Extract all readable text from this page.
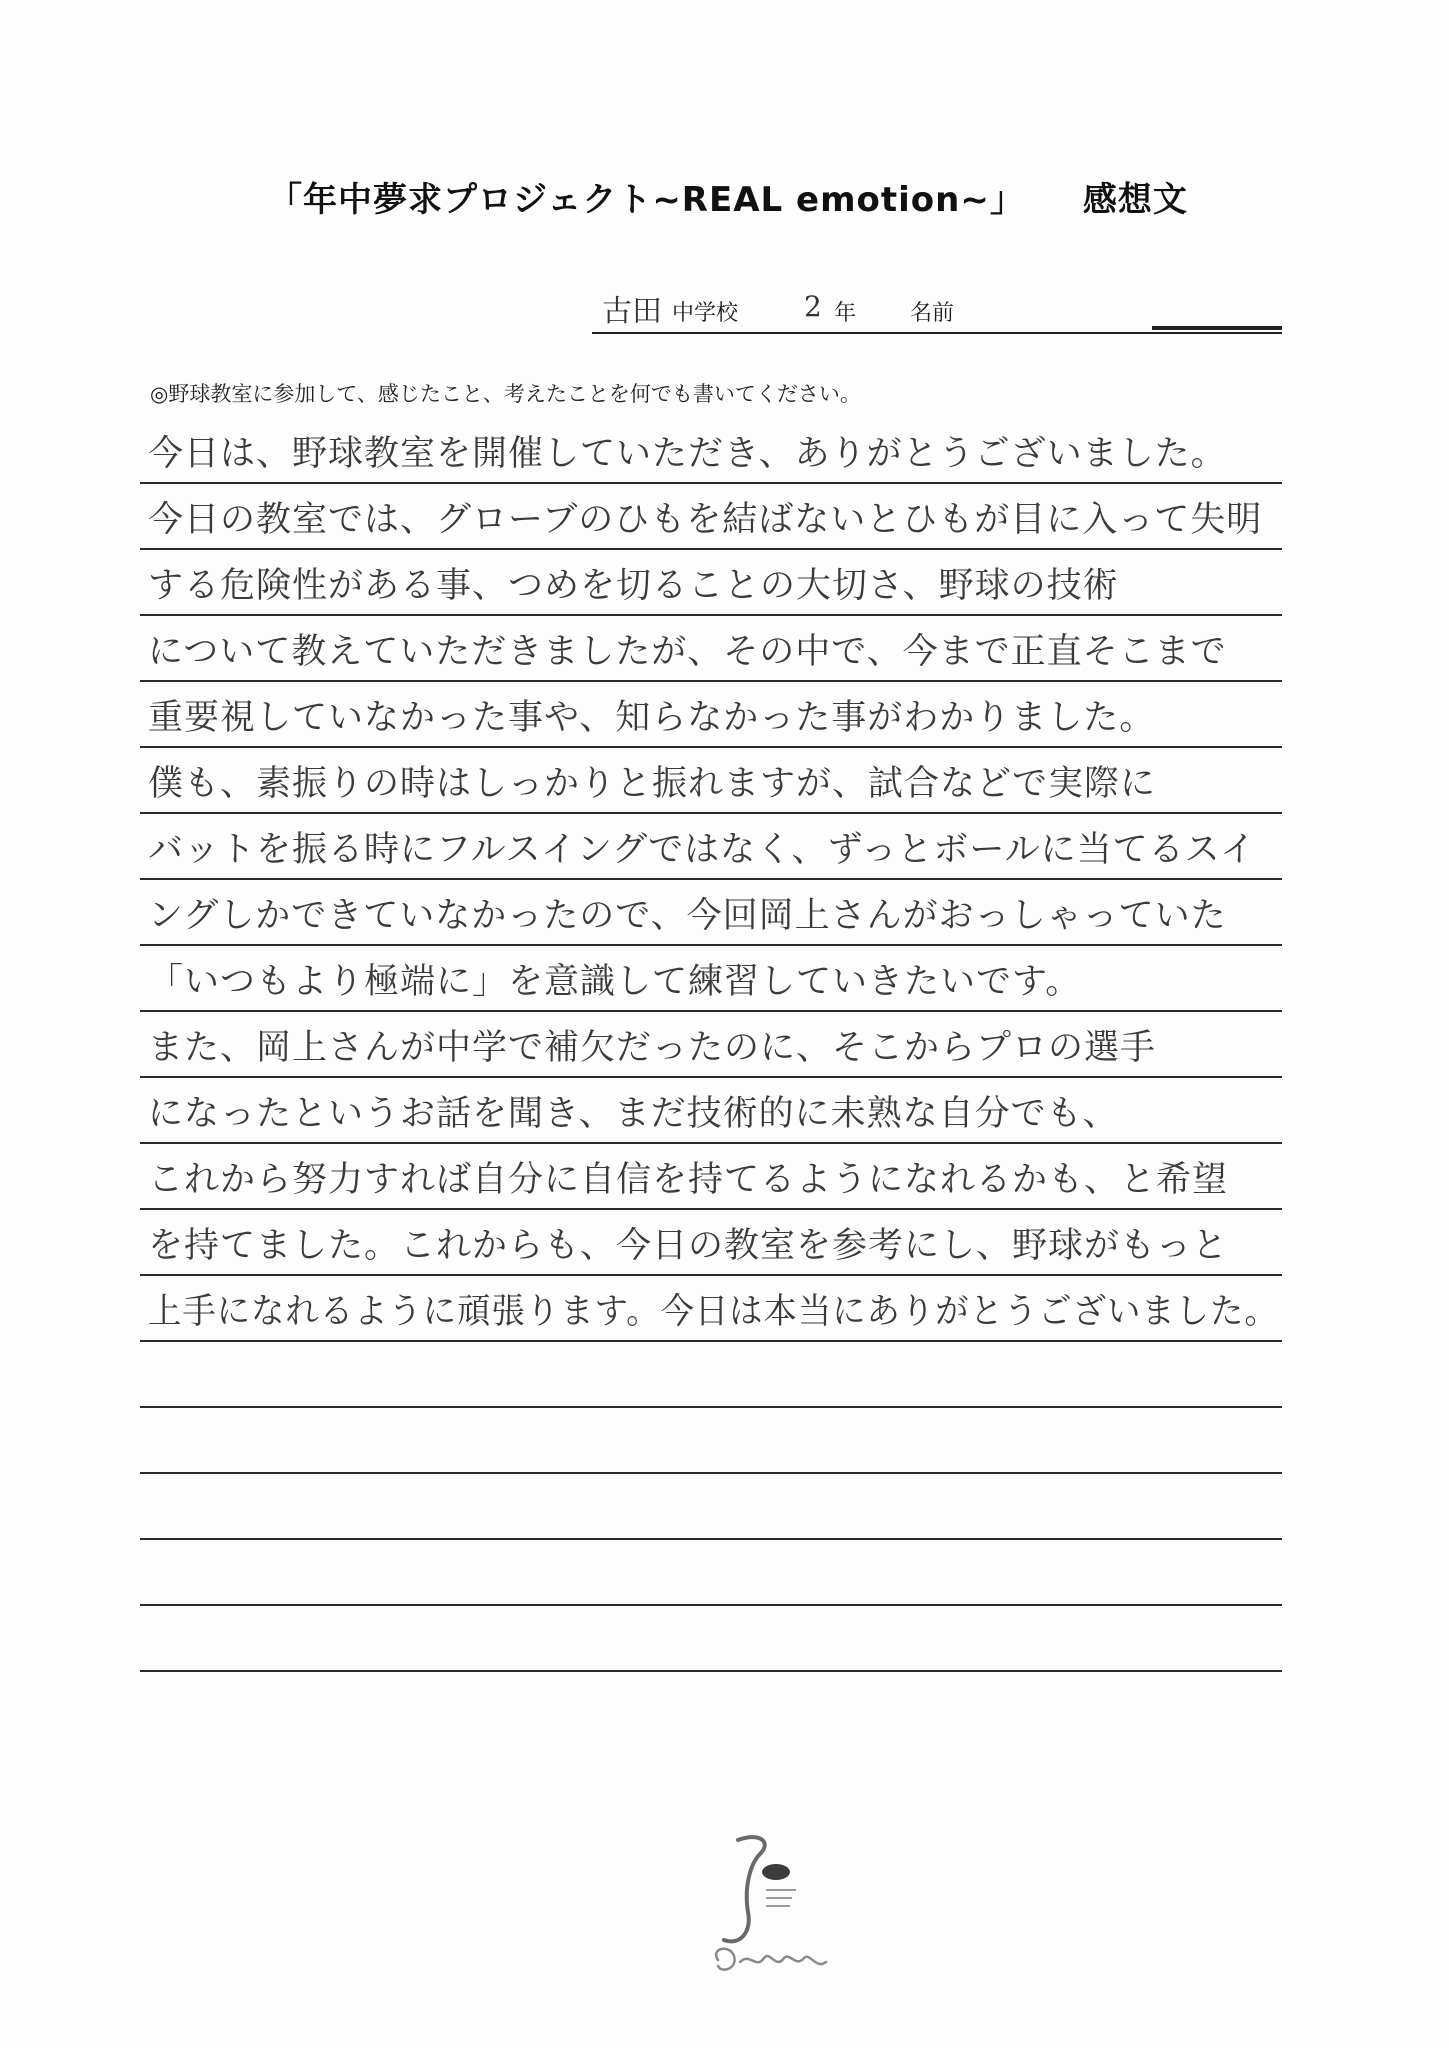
「年中夢求プロジェクト~REAL emotion~」 感想文
古田 中学校 2 年 名前
◎野球教室に参加して、感じたこと、考えたことを何でも書いてください。
今日は、野球教室を開催していただき、ありがとうございました。
今日の教室では、グローブのひもを結ばないとひもが目に入って失明
する危険性がある事、つめを切ることの大切さ、野球の技術
について教えていただきましたが、その中で、今まで正直そこまで
重要視していなかった事や、知らなかった事がわかりました。
僕も、素振りの時はしっかりと振れますが、試合などで実際に
バットを振る時にフルスイングではなく、ずっとボールに当てるスイ
ングしかできていなかったので、今回岡上さんがおっしゃっていた
「いつもより極端に」を意識して練習していきたいです。
また、岡上さんが中学で補欠だったのに、そこからプロの選手
になったというお話を聞き、まだ技術的に未熟な自分でも、
これから努力すれば自分に自信を持てるようになれるかも、と希望
を持てました。これからも、今日の教室を参考にし、野球がもっと
上手になれるように頑張ります。今日は本当にありがとうございました。
